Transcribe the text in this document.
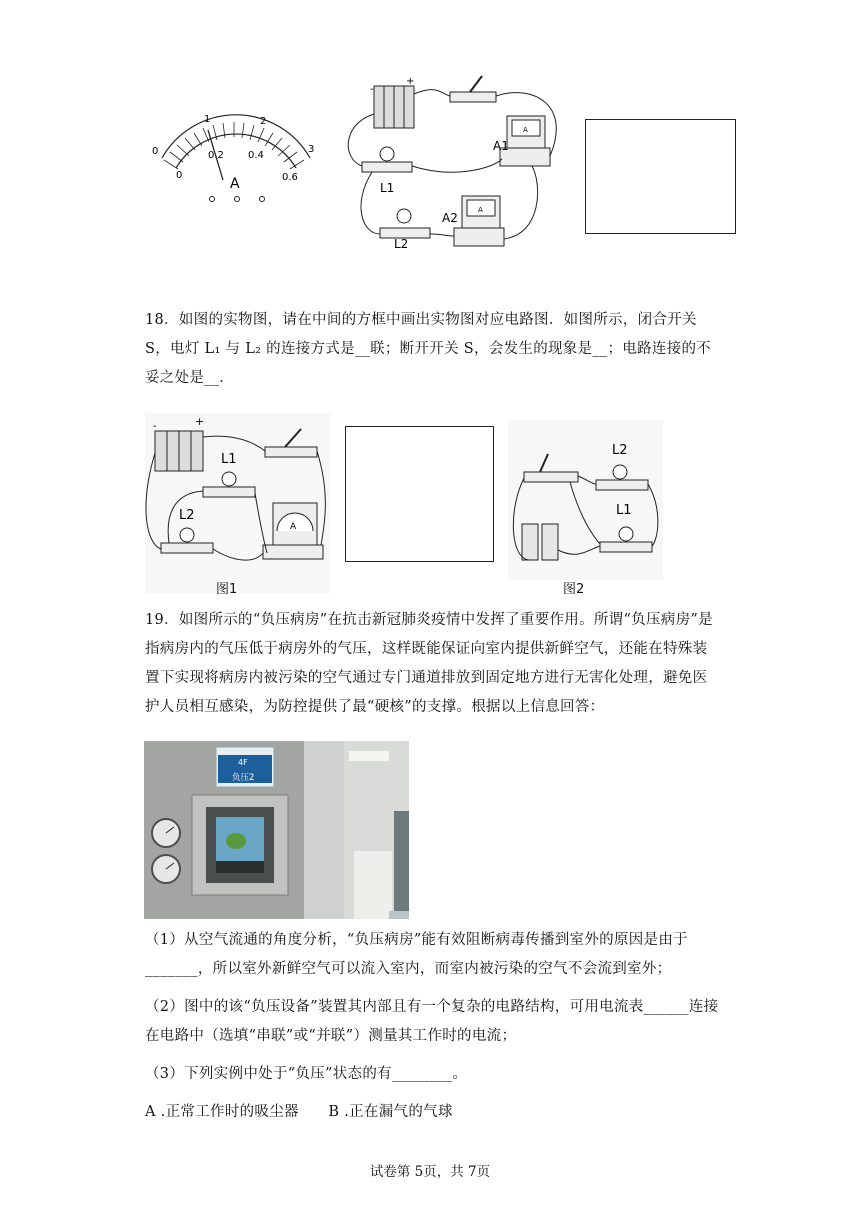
0
1	2
3
0
0.2 0.4
0.6
A
-
+
A
A1
L1
A
A2
L2
18．如图的实物图，请在中间的方框中画出实物图对应电路图．如图所示，闭合开关 S，电灯 L₁ 与 L₂ 的连接方式是__联；断开开关 S，会发生的现象是__；电路连接的不妥之处是__．
+
-
L1
L2
A
图1
L2
L1
图2
19．如图所示的“负压病房”在抗击新冠肺炎疫情中发挥了重要作用。所谓“负压病房”是指病房内的气压低于病房外的气压，这样既能保证向室内提供新鲜空气，还能在特殊装置下实现将病房内被污染的空气通过专门通道排放到固定地方进行无害化处理，避免医护人员相互感染，为防控提供了最“硬核”的支撑。根据以上信息回答：
4F
负压2
（1）从空气流通的角度分析，“负压病房”能有效阻断病毒传播到室外的原因是由于_______，所以室外新鲜空气可以流入室内，而室内被污染的空气不会流到室外；
（2）图中的该“负压设备”装置其内部且有一个复杂的电路结构，可用电流表______连接在电路中（选填“串联”或“并联”）测量其工作时的电流；
（3）下列实例中处于“负压”状态的有________。
A .正常工作时的吸尘器　　B .正在漏气的气球
试卷第 5页，共 7页
